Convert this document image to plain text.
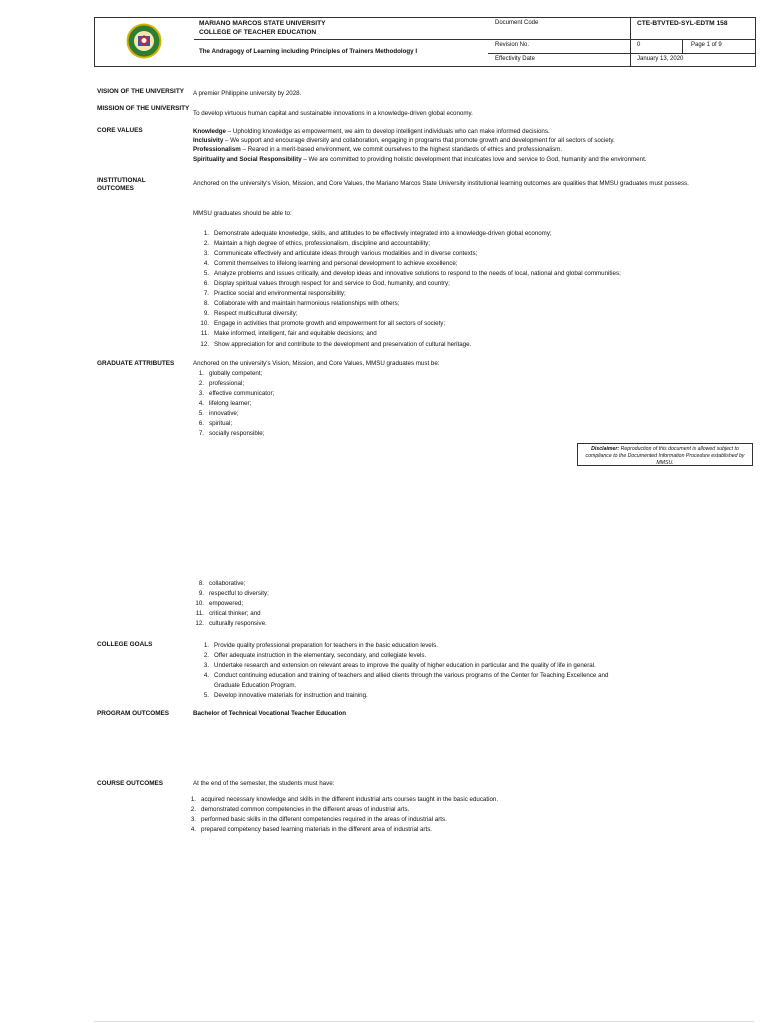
MARIANO MARCOS STATE UNIVERSITY
COLLEGE OF TEACHER EDUCATION
The Andragogy of Learning including Principles of Trainers Methodology I
Document Code	CTE-BTVTED-SYL-EDTM 158
Revision No.	0	Page 1 of 9
Effectivity Date	January 13, 2020
VISION OF THE UNIVERSITY	A premier Philippine university by 2028.
MISSION OF THE UNIVERSITY
To develop virtuous human capital and sustainable innovations in a knowledge-driven global economy.
CORE VALUES	Knowledge – Upholding knowledge as empowerment, we aim to develop intelligent individuals who can make informed decisions.
Inclusivity – We support and encourage diversity and collaboration, engaging in programs that promote growth and development for all sectors of society.
Professionalism – Reared in a merit-based environment, we commit ourselves to the highest standards of ethics and professionalism.
Spirituality and Social Responsibility – We are committed to providing holistic development that inculcates love and service to God, humanity and the environment.
INSTITUTIONAL OUTCOMES
Anchored on the university's Vision, Mission, and Core Values, the Mariano Marcos State University institutional learning outcomes are qualities that MMSU graduates must possess.
MMSU graduates should be able to:
1. Demonstrate adequate knowledge, skills, and attitudes to be effectively integrated into a knowledge-driven global economy;
2. Maintain a high degree of ethics, professionalism, discipline and accountability;
3. Communicate effectively and articulate ideas through various modalities and in diverse contexts;
4. Commit themselves to lifelong learning and personal development to achieve excellence;
5. Analyze problems and issues critically, and develop ideas and innovative solutions to respond to the needs of local, national and global communities;
6. Display spiritual values through respect for and service to God, humanity, and country;
7. Practice social and environmental responsibility;
8. Collaborate with and maintain harmonious relationships with others;
9. Respect multicultural diversity;
10. Engage in activities that promote growth and empowerment for all sectors of society;
11. Make informed, intelligent, fair and equitable decisions; and
12. Show appreciation for and contribute to the development and preservation of cultural heritage.
GRADUATE ATTRIBUTES	Anchored on the university's Vision, Mission, and Core Values, MMSU graduates must be:
1. globally competent;
2. professional;
3. effective communicator;
4. lifelong learner;
5. innovative;
6. spiritual;
7. socially responsible;
Disclaimer: Reproduction of this document is allowed subject to compliance to the Documented Information Procedure established by MMSU.
8. collaborative;
9. respectful to diversity;
10. empowered;
11. critical thinker; and
12. culturally responsive.
COLLEGE GOALS	1. Provide quality professional preparation for teachers in the basic education levels.
2. Offer adequate instruction in the elementary, secondary, and collegiate levels.
3. Undertake research and extension on relevant areas to improve the quality of higher education in particular and the quality of life in general.
4. Conduct continuing education and training of teachers and allied clients through the various programs of the Center for Teaching Excellence and
Graduate Education Program.
5. Develop innovative materials for instruction and training.
PROGRAM OUTCOMES	Bachelor of Technical Vocational Teacher Education
COURSE OUTCOMES	At the end of the semester, the students must have:
1. acquired necessary knowledge and skills in the different industrial arts courses taught in the basic education.
2. demonstrated common competencies in the different areas of industrial arts.
3. performed basic skills in the different competencies required in the areas of industrial arts.
4. prepared competency based learning materials in the different area of industrial arts.
